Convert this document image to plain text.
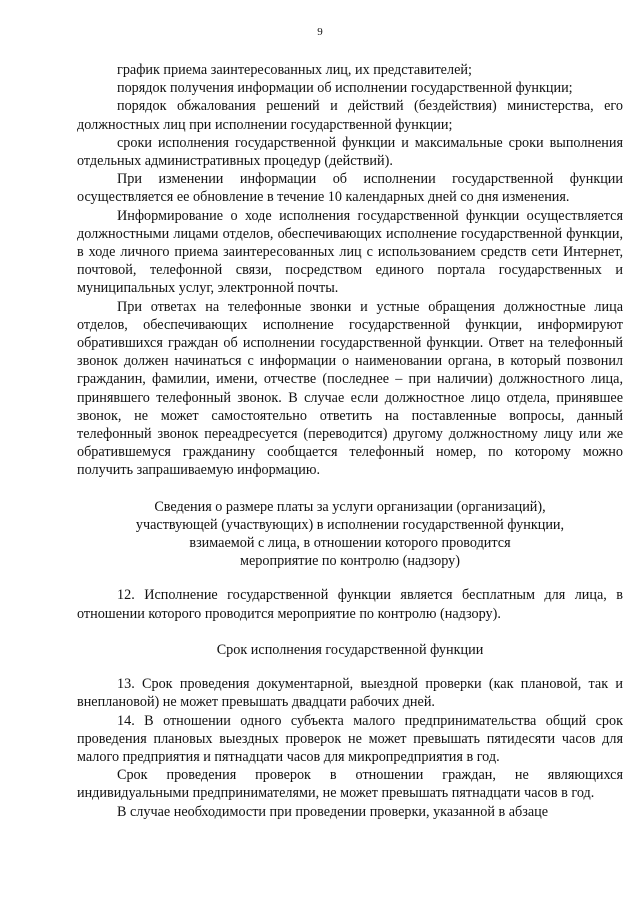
9

график приема заинтересованных лиц, их представителей;

порядок получения информации об исполнении государственной функции;

порядок обжалования решений и действий (бездействия) министерства, его должностных лиц при исполнении государственной функции;

сроки исполнения государственной функции и максимальные сроки выполнения отдельных административных процедур (действий).

При изменении информации об исполнении государственной функции осуществляется ее обновление в течение 10 календарных дней со дня изменения.

Информирование о ходе исполнения государственной функции осуществляется должностными лицами отделов, обеспечивающих исполнение государственной функции, в ходе личного приема заинтересованных лиц с использованием средств сети Интернет, почтовой, телефонной связи, посредством единого портала государственных и муниципальных услуг, электронной почты.

При ответах на телефонные звонки и устные обращения должностные лица отделов, обеспечивающих исполнение государственной функции, информируют обратившихся граждан об исполнении государственной функции. Ответ на телефонный звонок должен начинаться с информации о наименовании органа, в который позвонил гражданин, фамилии, имени, отчестве (последнее – при наличии) должностного лица, принявшего телефонный звонок. В случае если должностное лицо отдела, принявшее звонок, не может самостоятельно ответить на поставленные вопросы, данный телефонный звонок переадресуется (переводится) другому должностному лицу или же обратившемуся гражданину сообщается телефонный номер, по которому можно получить запрашиваемую информацию.

Сведения о размере платы за услуги организации (организаций),

участвующей (участвующих) в исполнении государственной функции,

взимаемой с лица, в отношении которого проводится

мероприятие по контролю (надзору)

12. Исполнение государственной функции является бесплатным для лица, в отношении которого проводится мероприятие по контролю (надзору).

Срок исполнения государственной функции

13. Срок проведения документарной, выездной проверки (как плановой, так и внеплановой) не может превышать двадцати рабочих дней.

14. В отношении одного субъекта малого предпринимательства общий срок проведения плановых выездных проверок не может превышать пятидесяти часов для малого предприятия и пятнадцати часов для микропредприятия в год.

Срок проведения проверок в отношении граждан, не являющихся индивидуальными предпринимателями, не может превышать пятнадцати часов в год.

В случае необходимости при проведении проверки, указанной в абзаце
